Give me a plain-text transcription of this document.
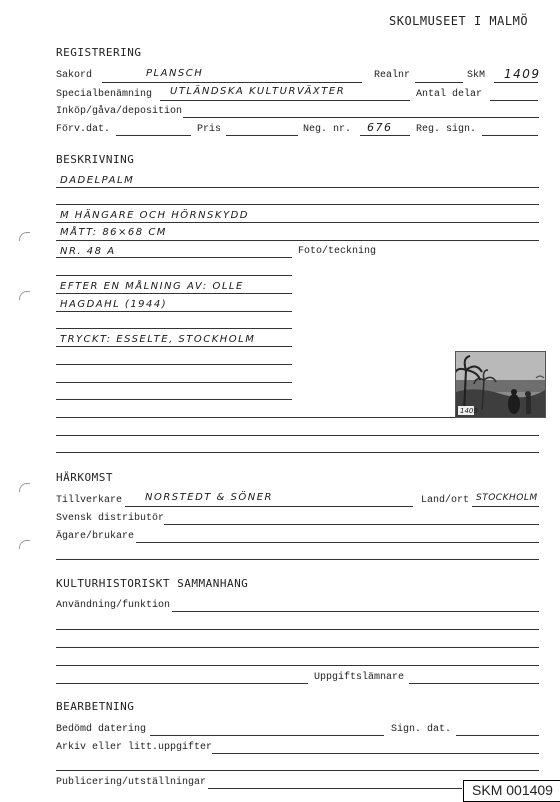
SKOLMUSEET I MALMÖ
REGISTRERING
Sakord	PLANSCH	Realnr	SkM 1409
Specialbenämning UTLÄNDSKA KULTURVÄXTER	Antal delar
Inköp/gåva/deposition
Förv.dat.	Pris	Neg. nr. 676 Reg. sign.
BESKRIVNING
DADELPALM
M HÄNGARE OCH HÖRNSKYDD
MÅTT: 86×68 CM
NR. 48 A	Foto/teckning
EFTER EN MÅLNING AV: OLLE
HAGDAHL (1944)
TRYCKT: ESSELTE, STOCKHOLM
1409
HÄRKOMST
Tillverkare NORSTEDT & SÖNER	Land/ort STOCKHOLM
Svensk distributör
Ägare/brukare
KULTURHISTORISKT SAMMANHANG
Användning/funktion
Uppgiftslämnare
BEARBETNING
Bedömd datering	Sign. dat.
Arkiv eller litt.uppgifter
Publicering/utställningar	SKM 001409
